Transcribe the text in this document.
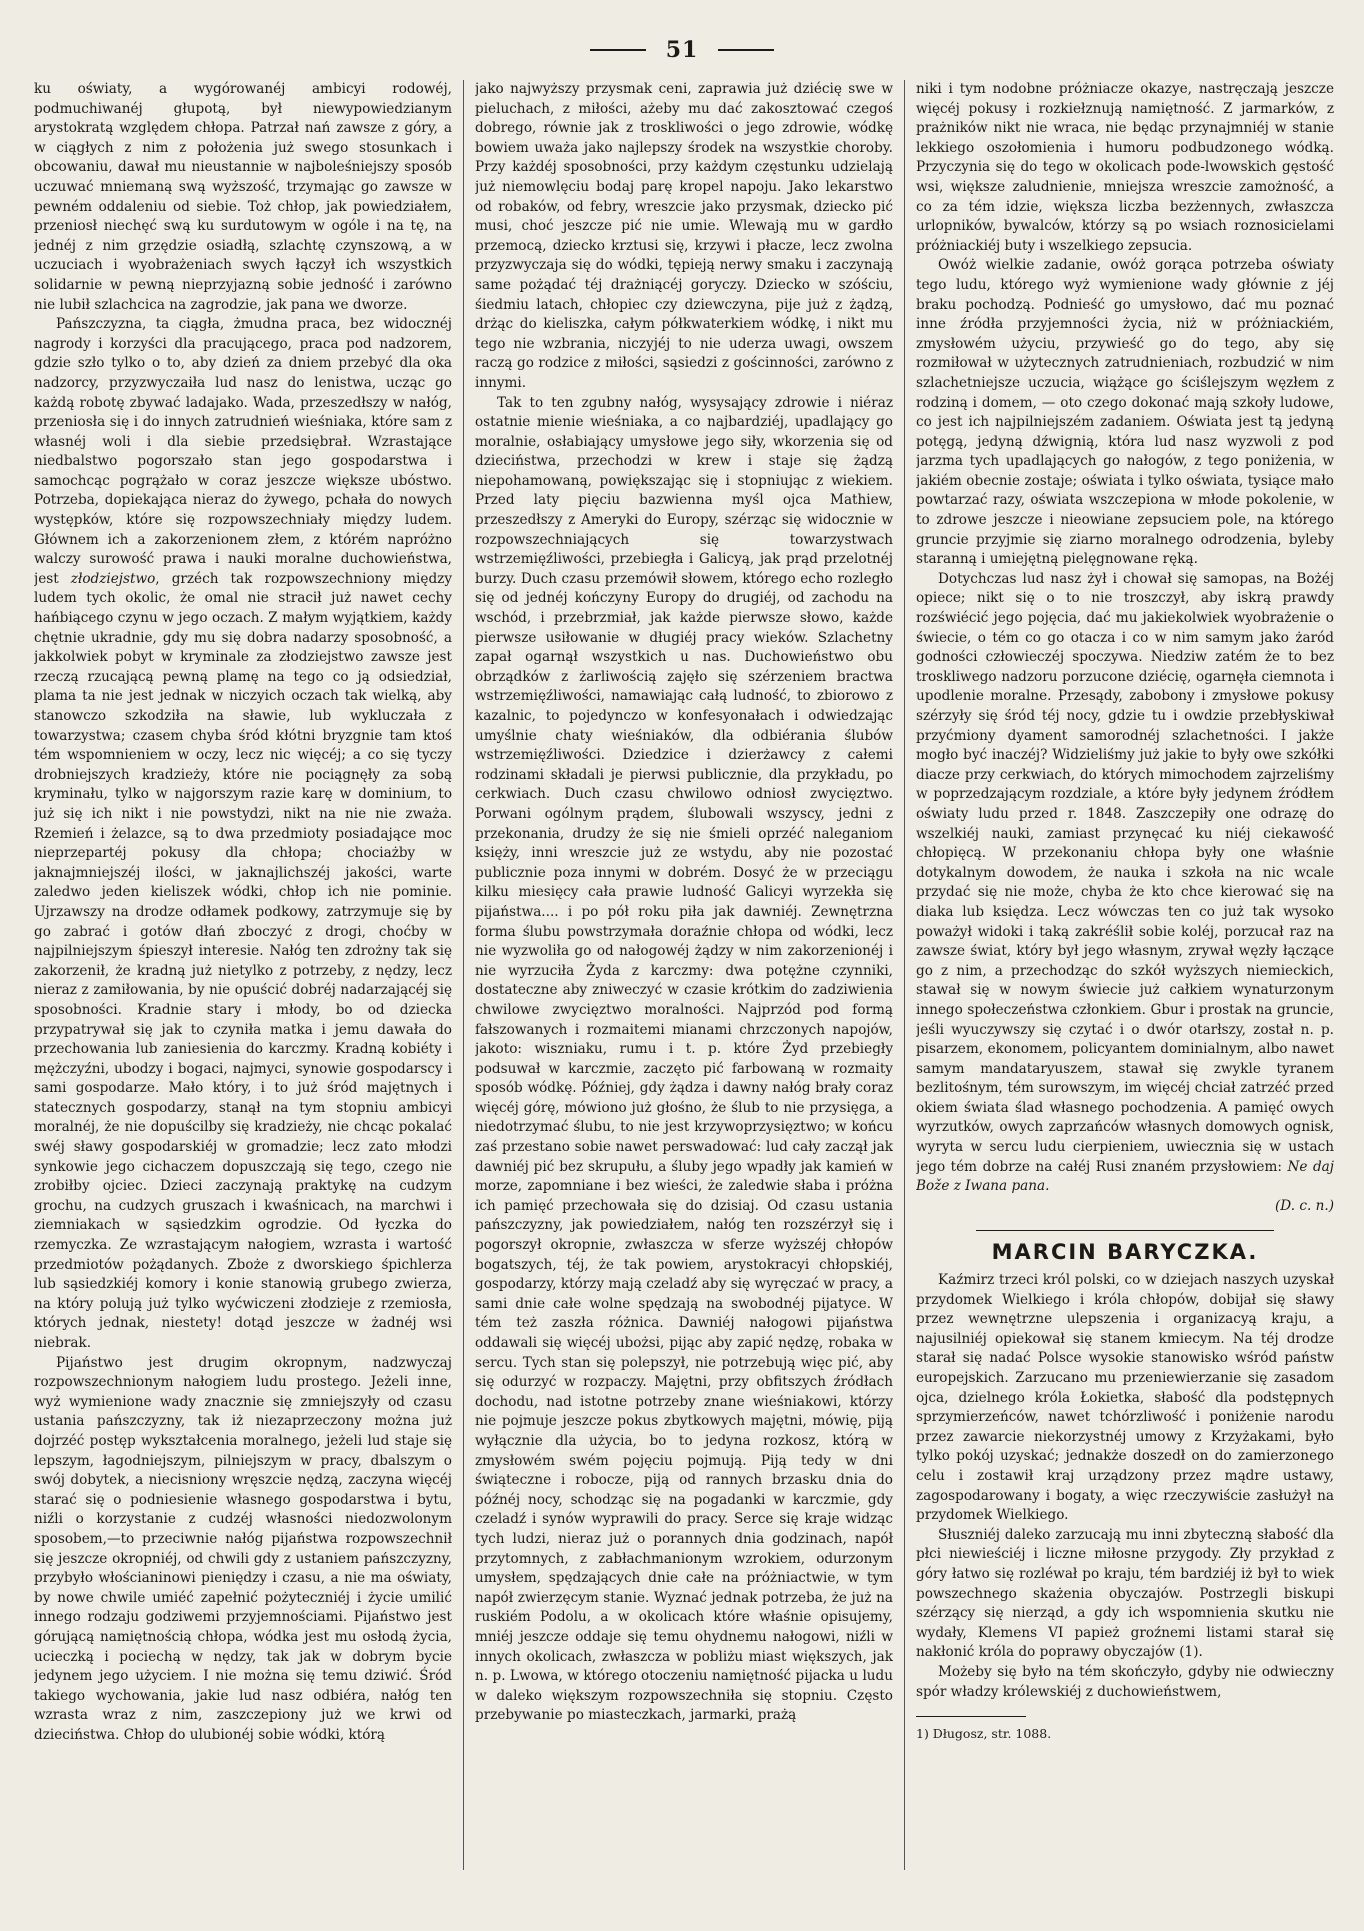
51

ku oświaty, a wygórowanéj ambicyi rodowéj, podmuchiwanéj głupotą, był niewypowiedzianym arystokratą względem chłopa. Patrzał nań zawsze z góry, a w ciągłych z nim z położenia już swego stosunkach i obcowaniu, dawał mu nieustannie w najboleśniejszy sposób uczuwać mniemaną swą wyższość, trzymając go zawsze w pewném oddaleniu od siebie. Toż chłop, jak powiedziałem, przeniosł niechęć swą ku surdutowym w ogóle i na tę, na jednéj z nim grzędzie osiadłą, szlachtę czynszową, a w uczuciach i wyobrażeniach swych łączył ich wszystkich solidarnie w pewną nieprzyjazną sobie jedność i zarówno nie lubił szlachcica na zagrodzie, jak pana we dworze.

Pańszczyzna, ta ciągła, żmudna praca, bez widocznéj nagrody i korzyści dla pracującego, praca pod nadzorem, gdzie szło tylko o to, aby dzień za dniem przebyć dla oka nadzorcy, przyzwyczaiła lud nasz do lenistwa, ucząc go każdą robotę zbywać ladajako. Wada, przeszedłszy w nałóg, przeniosła się i do innych zatrudnień wieśniaka, które sam z własnéj woli i dla siebie przedsiębrał. Wzrastające niedbalstwo pogorszało stan jego gospodarstwa i samochcąc pogrążało w coraz jeszcze większe ubóstwo. Potrzeba, dopiekająca nieraz do żywego, pchała do nowych występków, które się rozpowszechniały między ludem. Głównem ich a zakorzenionem złem, z którém napróżno walczy surowość prawa i nauki moralne duchowieństwa, jest złodziejstwo, grzéch tak rozpowszechniony między ludem tych okolic, że omal nie stracił już nawet cechy hańbiącego czynu w jego oczach. Z małym wyjątkiem, każdy chętnie ukradnie, gdy mu się dobra nadarzy sposobność, a jakkolwiek pobyt w kryminale za złodziejstwo zawsze jest rzeczą rzucającą pewną plamę na tego co ją odsiedział, plama ta nie jest jednak w niczyich oczach tak wielką, aby stanowczo szkodziła na sławie, lub wykluczała z towarzystwa; czasem chyba śród kłótni bryzgnie tam ktoś tém wspomnieniem w oczy, lecz nic więcéj; a co się tyczy drobniejszych kradzieży, które nie pociągnęły za sobą kryminału, tylko w najgorszym razie karę w dominium, to już się ich nikt i nie powstydzi, nikt na nie nie zważa. Rzemień i żelazce, są to dwa przedmioty posiadające moc nieprzepartéj pokusy dla chłopa; chociażby w jaknajmniejszéj ilości, w jaknajlichszéj jakości, warte zaledwo jeden kieliszek wódki, chłop ich nie pominie. Ujrzawszy na drodze odłamek podkowy, zatrzymuje się by go zabrać i gotów dłań zboczyć z drogi, choćby w najpilniejszym śpieszył interesie. Nałóg ten zdrożny tak się zakorzenił, że kradną już nietylko z potrzeby, z nędzy, lecz nieraz z zamiłowania, by nie opuścić dobréj nadarzającéj się sposobności. Kradnie stary i młody, bo od dziecka przypatrywał się jak to czyniła matka i jemu dawała do przechowania lub zaniesienia do karczmy. Kradną kobiéty i mężczyźni, ubodzy i bogaci, najmyci, synowie gospodarscy i sami gospodarze. Mało który, i to już śród majętnych i statecznych gospodarzy, stanął na tym stopniu ambicyi moralnéj, że nie dopuścilby się kradzieży, nie chcąc pokalać swéj sławy gospodarskiéj w gromadzie; lecz zato młodzi synkowie jego cichaczem dopuszczają się tego, czego nie zrobiłby ojciec. Dzieci zaczynają praktykę na cudzym grochu, na cudzych gruszach i kwaśnicach, na marchwi i ziemniakach w sąsiedzkim ogrodzie. Od łyczka do rzemyczka. Ze wzrastającym nałogiem, wzrasta i wartość przedmiotów pożądanych. Zboże z dworskiego śpichlerza lub sąsiedzkiéj komory i konie stanowią grubego zwierza, na który polują już tylko wyćwiczeni złodzieje z rzemiosła, których jednak, niestety! dotąd jeszcze w żadnéj wsi niebrak.

Pijaństwo jest drugim okropnym, nadzwyczaj rozpowszechnionym nałogiem ludu prostego. Jeżeli inne, wyż wymienione wady znacznie się zmniejszyły od czasu ustania pańszczyzny, tak iż niezaprzeczony można już dojrzéć postęp wykształcenia moralnego, jeżeli lud staje się lepszym, łagodniejszym, pilniejszym w pracy, dbalszym o swój dobytek, a niecisniony wręszcie nędzą, zaczyna więcéj starać się o podniesienie własnego gospodarstwa i bytu, niźli o korzystanie z cudzéj własności niedozwolonym sposobem,—to przeciwnie nałóg pijaństwa rozpowszechnił się jeszcze okropniéj, od chwili gdy z ustaniem pańszczyzny, przybyło włościaninowi pieniędzy i czasu, a nie ma oświaty, by nowe chwile umiéć zapełnić pożyteczniéj i życie umilić innego rodzaju godziwemi przyjemnościami. Pijaństwo jest górującą namiętnością chłopa, wódka jest mu osłodą życia, ucieczką i pociechą w nędzy, tak jak w dobrym bycie jedynem jego użyciem. I nie można się temu dziwić. Śród takiego wychowania, jakie lud nasz odbiéra, nałóg ten wzrasta wraz z nim, zaszczepiony już we krwi od dzieciństwa. Chłop do ulubionéj sobie wódki, którą

jako najwyższy przysmak ceni, zaprawia już dziécię swe w pieluchach, z miłości, ażeby mu dać zakosztować czegoś dobrego, równie jak z troskliwości o jego zdrowie, wódkę bowiem uważa jako najlepszy środek na wszystkie choroby. Przy każdéj sposobności, przy każdym częstunku udzielają już niemowlęciu bodaj parę kropel napoju. Jako lekarstwo od robaków, od febry, wreszcie jako przysmak, dziecko pić musi, choć jeszcze pić nie umie. Wlewają mu w gardło przemocą, dziecko krztusi się, krzywi i płacze, lecz zwolna przyzwyczaja się do wódki, tępieją nerwy smaku i zaczynają same pożądać téj drażniącéj goryczy. Dziecko w szóściu, śiedmiu latach, chłopiec czy dziewczyna, pije już z żądzą, drżąc do kieliszka, całym półkwaterkiem wódkę, i nikt mu tego nie wzbrania, niczyjéj to nie uderza uwagi, owszem raczą go rodzice z miłości, sąsiedzi z gościnności, zarówno z innymi.

Tak to ten zgubny nałóg, wysysający zdrowie i niéraz ostatnie mienie wieśniaka, a co najbardziéj, upadlający go moralnie, osłabiający umysłowe jego siły, wkorzenia się od dzieciństwa, przechodzi w krew i staje się żądzą niepohamowaną, powiększając się i stopniując z wiekiem. Przed laty pięciu bazwiennа myśl ojca Mathiew, przeszedłszy z Ameryki do Europy, szérząc się widocznie w rozpowszechniających się towarzystwach wstrzemięźliwości, przebiegła i Galicyą, jak prąd przelotnéj burzy. Duch czasu przemówił słowem, którego echo rozległo się od jednéj kończyny Europy do drugiéj, od zachodu na wschód, i przebrzmiał, jak każde pierwsze słowo, każde pierwsze usiłowanie w długiéj pracy wieków. Szlachetny zapał ogarnął wszystkich u nas. Duchowieństwo obu obrządków z żarliwością zajęło się szérzeniem bractwa wstrzemięźliwości, namawiając całą ludność, to zbiorowo z kazalnic, to pojedynczo w konfesyonałach i odwiedzając umyślnie chaty wieśniaków, dla odbiérania ślubów wstrzemięźliwości. Dziedzice i dzierżawcy z całemi rodzinami składali je pierwsi publicznie, dla przykładu, po cerkwiach. Duch czasu chwilowo odniosł zwycięztwo. Porwani ogólnym prądem, ślubowali wszyscy, jedni z przekonania, drudzy że się nie śmieli oprzéć naleganiom księży, inni wreszcie już ze wstydu, aby nie pozostać publicznie poza innymi w dobrém. Dosyć że w przeciągu kilku miesięcy cała prawie ludność Galicyi wyrzekła się pijaństwa.... i po pół roku piła jak dawniéj. Zewnętrzna forma ślubu powstrzymała doraźnie chłopa od wódki, lecz nie wyzwoliła go od nałogowéj żądzy w nim zakorzenionéj i nie wyrzuciła Żyda z karczmy: dwa potężne czynniki, dostateczne aby zniweczyć w czasie krótkim do zadziwienia chwilowe zwycięztwo moralności. Najprzód pod formą fałszowanych i rozmaitemi mianami chrzczonych napojów, jakoto: wiszniaku, rumu i t. p. które Żyd przebiegły podsuwał w karczmie, zaczęto pić farbowaną w rozmaity sposób wódkę. Później, gdy żądza i dawny nałóg brały coraz więcéj górę, mówiono już głośno, że ślub to nie przysięga, a niedotrzymać ślubu, to nie jest krzywoprzysięztwo; w końcu zaś przestano sobie nawet perswadować: lud cały zaczął jak dawniéj pić bez skrupułu, a śluby jego wpadły jak kamień w morze, zapomniane i bez wieści, że zaledwie słaba i próżna ich pamięć przechowała się do dzisiaj. Od czasu ustania pańszczyzny, jak powiedziałem, nałóg ten rozszérzył się i pogorszył okropnie, zwłaszcza w sferze wyższéj chłopów bogatszych, téj, że tak powiem, arystokracyi chłopskiéj, gospodarzy, którzy mają czeladź aby się wyręczać w pracy, a sami dnie całe wolne spędzają na swobodnéj pijatyce. W tém też zaszła różnica. Dawniéj nałogowi pijaństwa oddawali się więcéj ubożsi, pijąc aby zapić nędzę, robaka w sercu. Tych stan się polepszył, nie potrzebują więc pić, aby się odurzyć w rozpaczy. Majętni, przy obfitszych źródłach dochodu, nad istotne potrzeby znane wieśniakowi, którzy nie pojmuje jeszcze pokus zbytkowych majętni, mówię, piją wyłącznie dla użycia, bo to jedyna rozkosz, którą w zmysłowém swém pojęciu pojmują. Piją tedy w dni świąteczne i robocze, piją od rannych brzasku dnia do późnéj nocy, schodząc się na pogadanki w karczmie, gdy czeladź i synów wyprawili do pracy. Serce się kraje widząc tych ludzi, nieraz już o porannych dnia godzinach, napół przytomnych, z zabłachmanionym wzrokiem, odurzonym umysłem, spędzających dnie całe na próżniactwie, w tym napół zwierzęcym stanie. Wyznać jednak potrzeba, że już na ruskiém Podolu, a w okolicach które właśnie opisujemy, mniéj jeszcze oddaje się temu ohydnemu nałogowi, niźli w innych okolicach, zwłaszcza w pobliżu miast większych, jak n. p. Lwowa, w którego otoczeniu namiętność pijacka u ludu w daleko większym rozpowszechniła się stopniu. Często przebywanie po miasteczkach, jarmarki, prażą

niki i tym nodobne próżniacze okazye, nastręczają jeszcze więcéj pokusy i rozkiełznują namiętność. Z jarmarków, z prażników nikt nie wraca, nie będąc przynajmniéj w stanie lekkiego oszołomienia i humoru podbudzonego wódką. Przyczynia się do tego w okolicach pode-lwowskich gęstość wsi, większe zaludnienie, mniejsza wreszcie zamożność, a co za tém idzie, większa liczba bezżennych, zwłaszcza urlopników, bywalców, którzy są po wsiach roznosicielami próżniackiéj buty i wszelkiego zepsucia.

Owóż wielkie zadanie, owóż gorąca potrzeba oświaty tego ludu, którego wyż wymienione wady głównie z jéj braku pochodzą. Podnieść go umysłowo, dać mu poznać inne źródła przyjemności życia, niż w próżniackiém, zmysłowém użyciu, przywieść go do tego, aby się rozmiłował w użytecznych zatrudnieniach, rozbudzić w nim szlachetniejsze uczucia, wiążące go ściślejszym węzłem z rodziną i domem, — oto czego dokonać mają szkoły ludowe, co jest ich najpilniejszém zadaniem. Oświata jest tą jedyną potęgą, jedyną dźwignią, która lud nasz wyzwoli z pod jarzma tych upadlających go nałogów, z tego poniżenia, w jakiém obecnie zostaje; oświata i tylko oświata, tysiące mało powtarzać razy, oświata wszczepiona w młode pokolenie, w to zdrowe jeszcze i nieowiane zepsuciem pole, na którego gruncie przyjmie się ziarno moralnego odrodzenia, byleby staranną i umiejętną pielęgnowane ręką.

Dotychczas lud nasz żył i chował się samopas, na Bożéj opiece; nikt się o to nie troszczył, aby iskrą prawdy rozświécić jego pojęcia, dać mu jakiekolwiek wyobrażenie o świecie, o tém co go otacza i co w nim samym jako żaród godności człowieczéj spoczywa. Niedziw zatém że to bez troskliwego nadzoru porzucone dziécię, ogarnęła ciemnota i upodlenie moralne. Przesądy, zabobony i zmysłowe pokusy szérzyły się śród téj nocy, gdzie tu i owdzie przebłyskiwał przyćmiony dyament samorodnéj szlachetności. I jakże mogło być inaczéj? Widzieliśmy już jakie to były owe szkółki diacze przy cerkwiach, do których mimochodem zajrzeliśmy w poprzedzającym rozdziale, a które były jedynem źródłem oświaty ludu przed r. 1848. Zaszczepiły one odrazę do wszelkiéj nauki, zamiast przynęcać ku niéj ciekawość chłopięcą. W przekonaniu chłopa były one właśnie dotykalnym dowodem, że nauka i szkoła na nic wcale przydać się nie może, chyba że kto chce kierować się na diaka lub księdza. Lecz wówczas ten co już tak wysoko poważył widoki i taką zakréślił sobie koléj, porzucał raz na zawsze świat, który był jego własnym, zrywał węzły łączące go z nim, a przechodząc do szkół wyższych niemieckich, stawał się w nowym świecie już całkiem wynaturzonym innego społeczeństwa członkiem. Gbur i prostak na gruncie, jeśli wyuczywszy się czytać i o dwór otarłszy, został n. p. pisarzem, ekonomem, policyantem dominialnym, albo nawet samym mandataryuszem, stawał się zwykle tyranem bezlitośnym, tém surowszym, im więcéj chciał zatrzéć przed okiem świata ślad własnego pochodzenia. A pamięć owych wyrzutków, owych zaprzańców własnych domowych ognisk, wyryta w sercu ludu cierpieniem, uwiecznia się w ustach jego tém dobrze na całéj Rusi znaném przysłowiem: Ne daj Bože z Iwana pana.

(D. c. n.)

MARCIN BARYCZKA.

Kaźmirz trzeci król polski, co w dziejach naszych uzyskał przydomek Wielkiego i króla chłopów, dobijał się sławy przez wewnętrzne ulepszenia i organizacyą kraju, a najusilniéj opiekował się stanem kmiecym. Na téj drodze starał się nadać Polsce wysokie stanowisko wśród państw europejskich. Zarzucano mu przeniewierzanie się zasadom ojca, dzielnego króla Łokietka, słabość dla podstępnych sprzymierzeńców, nawet tchórzliwość i poniżenie narodu przez zawarcie niekorzystnéj umowy z Krzyżakami, było tylko pokój uzyskać; jednakże doszedł on do zamierzonego celu i zostawił kraj urządzony przez mądre ustawy, zagospodarowany i bogaty, a więc rzeczywiście zasłużył na przydomek Wielkiego.

Słuszniéj daleko zarzucają mu inni zbyteczną słabość dla płci niewieściéj i liczne miłosne przygody. Zły przykład z góry łatwo się rozléwał po kraju, tém bardziéj iż był to wiek powszechnego skażenia obyczajów. Postrzegli biskupi szérzący się nierząd, a gdy ich wspomnienia skutku nie wydały, Klemens VI papież groźnemi listami starał się nakłonić króla do poprawy obyczajów (1).

Możeby się było na tém skończyło, gdyby nie odwieczny spór władzy królewskiéj z duchowieństwem,

1) Długosz, str. 1088.
